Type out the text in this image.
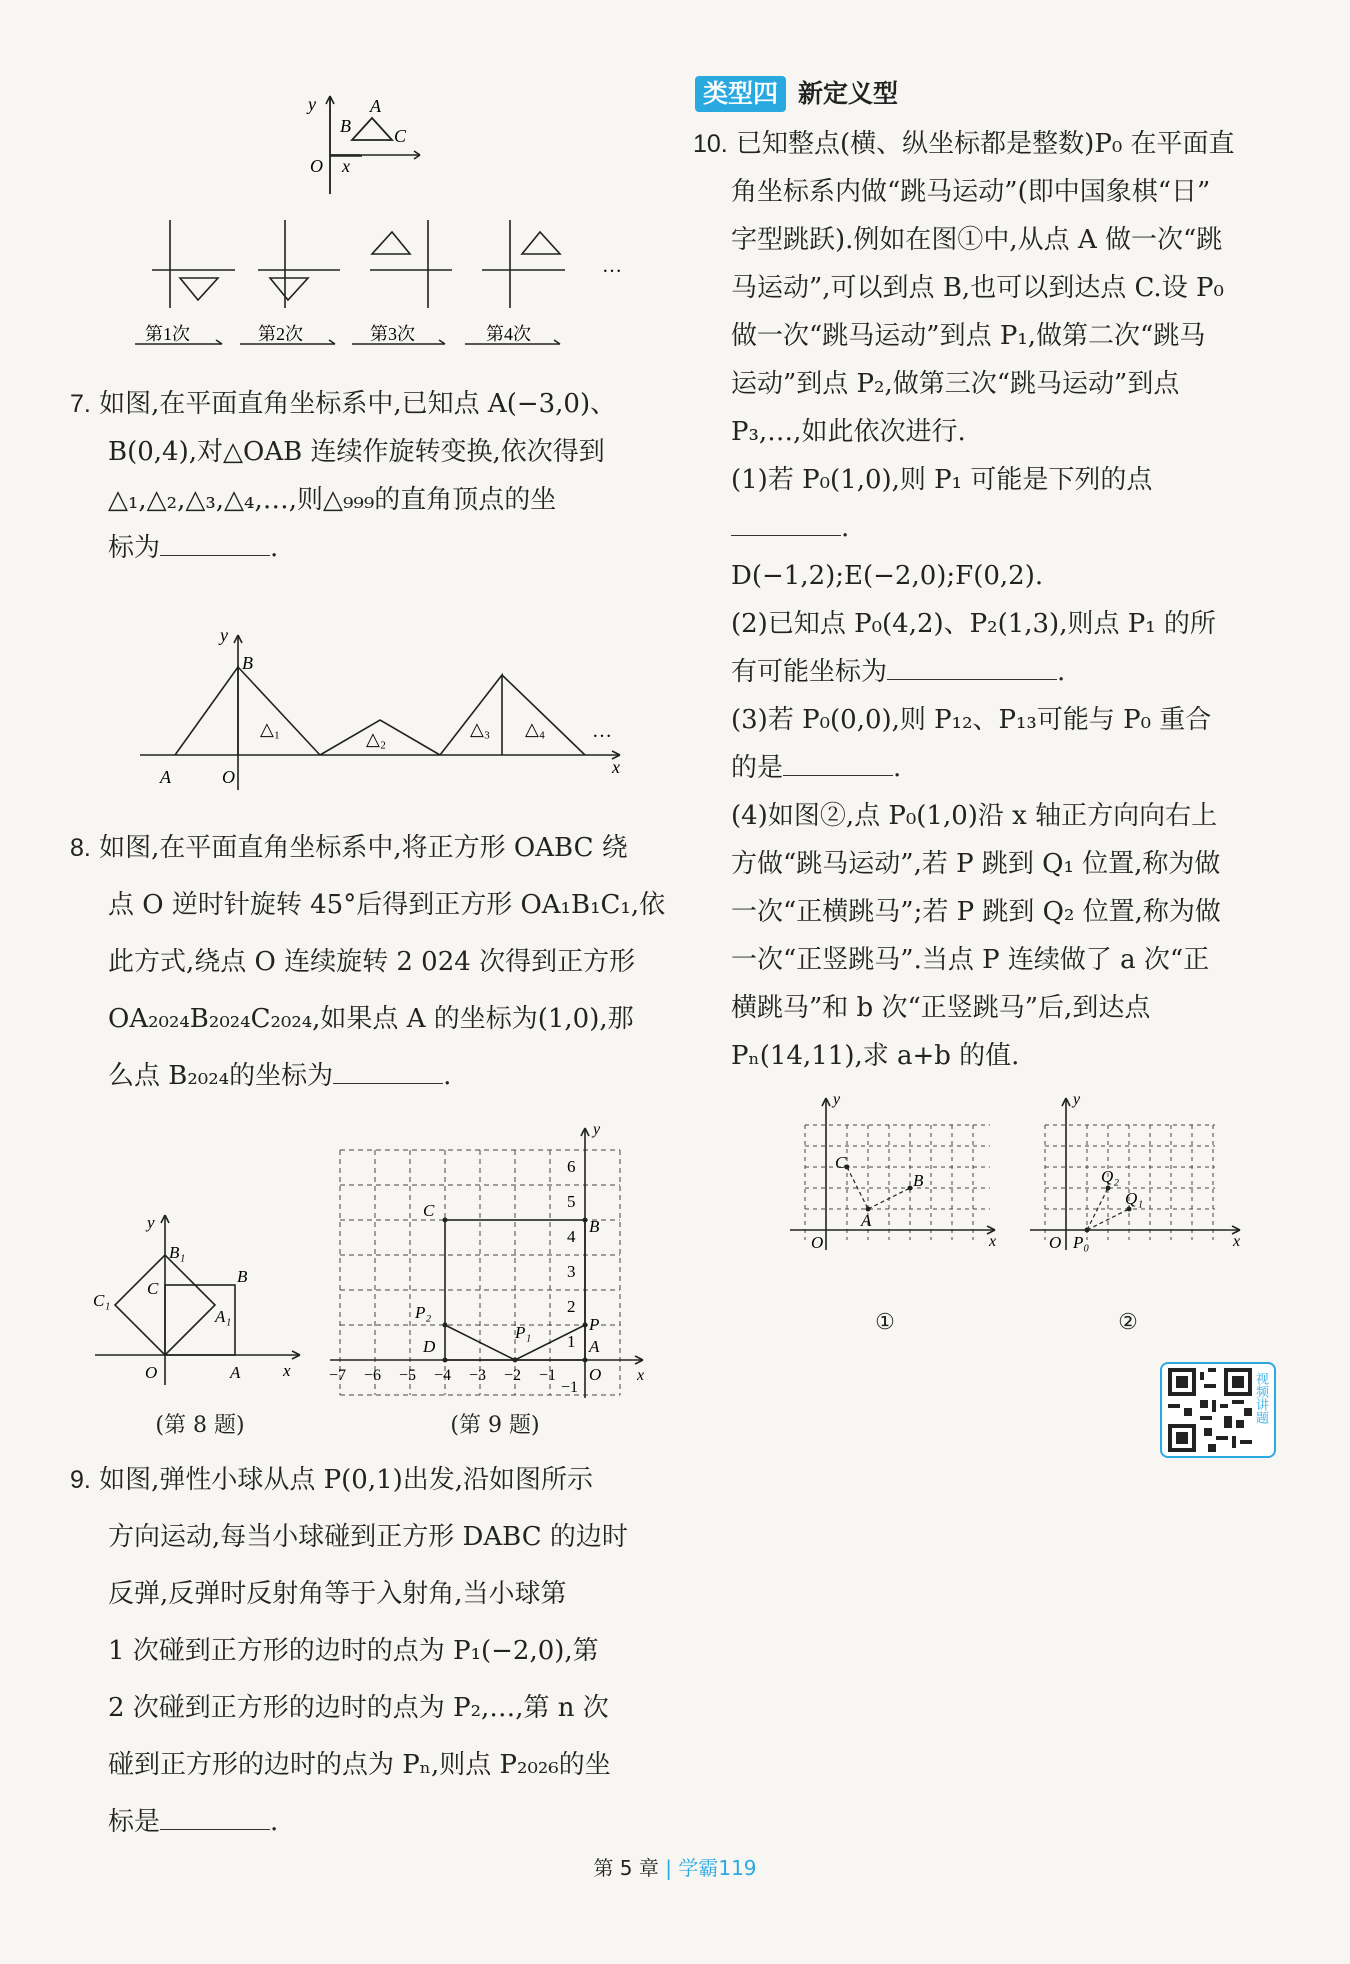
y	A
B C
x
O
…
第1次	第2次	第3次	第4次
7. 如图,在平面直角坐标系中,已知点 A(−3,0)、
B(0,4),对△OAB 连续作旋转变换,依次得到
△₁,△₂,△₃,△₄,…,则△₉₉₉的直角顶点的坐
标为	.
y
B
A	O	x
△₁	△₂	△₃ △₄ …
8. 如图,在平面直角坐标系中,将正方形 OABC 绕
点 O 逆时针旋转 45°后得到正方形 OA₁B₁C₁,依
此方式,绕点 O 连续旋转 2 024 次得到正方形
OA₂₀₂₄B₂₀₂₄C₂₀₂₄,如果点 A 的坐标为(1,0),那
么点 B₂₀₂₄的坐标为	.
y
B₁
B
C
C₁
A₁
O	A	x
(第 8 题)
y
6
5
4
3
2
1
C
B
P₂
P
D
P₁
A
O x
−7 −6 −5 −4 −3 −2 −1
−1
(第 9 题)
9. 如图,弹性小球从点 P(0,1)出发,沿如图所示
方向运动,每当小球碰到正方形 DABC 的边时
反弹,反弹时反射角等于入射角,当小球第
1 次碰到正方形的边时的点为 P₁(−2,0),第
2 次碰到正方形的边时的点为 P₂,…,第 n 次
碰到正方形的边时的点为 Pₙ,则点 P₂₀₂₆的坐
标是	.
类型四 新定义型
10. 已知整点(横、纵坐标都是整数)P₀ 在平面直
角坐标系内做“跳马运动”(即中国象棋“日”
字型跳跃).例如在图①中,从点 A 做一次“跳
马运动”,可以到点 B,也可以到达点 C.设 P₀
做一次“跳马运动”到点 P₁,做第二次“跳马
运动”到点 P₂,做第三次“跳马运动”到点
P₃,…,如此依次进行.
(1)若 P₀(1,0),则 P₁ 可能是下列的点
.
D(−1,2);E(−2,0);F(0,2).
(2)已知点 P₀(4,2)、P₂(1,3),则点 P₁ 的所
有可能坐标为	.
(3)若 P₀(0,0),则 P₁₂、P₁₃可能与 P₀ 重合
的是	.
(4)如图②,点 P₀(1,0)沿 x 轴正方向向右上
方做“跳马运动”,若 P 跳到 Q₁ 位置,称为做
一次“正横跳马”;若 P 跳到 Q₂ 位置,称为做
一次“正竖跳马”.当点 P 连续做了 a 次“正
横跳马”和 b 次“正竖跳马”后,到达点
Pₙ(14,11),求 a+b 的值.
y
C
B
A
O	x
①
y
Q₂
Q₁
O P₀	x
②
视频讲题
第 5 章 | 学霸119
